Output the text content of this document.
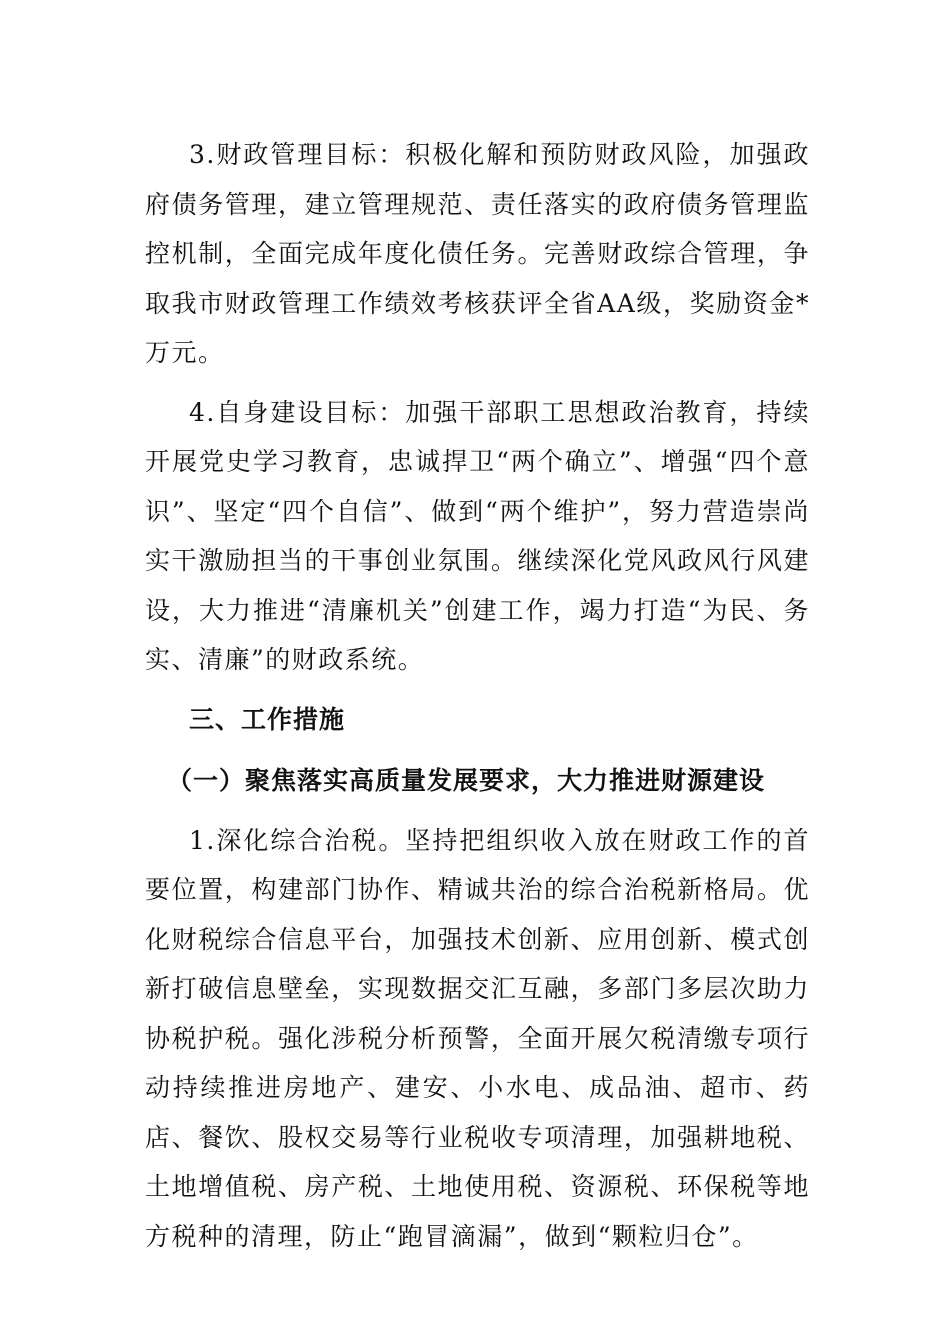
3.财政管理目标：积极化解和预防财政风险，加强政府债务管理，建立管理规范、责任落实的政府债务管理监控机制，全面完成年度化债任务。完善财政综合管理，争取我市财政管理工作绩效考核获评全省AA级，奖励资金*万元。

4.自身建设目标：加强干部职工思想政治教育，持续开展党史学习教育，忠诚捍卫“两个确立”、增强“四个意识”、坚定“四个自信”、做到“两个维护”，努力营造崇尚实干激励担当的干事创业氛围。继续深化党风政风行风建设，大力推进“清廉机关”创建工作，竭力打造“为民、务实、清廉”的财政系统。

三、工作措施
（一）聚焦落实高质量发展要求，大力推进财源建设

1.深化综合治税。坚持把组织收入放在财政工作的首要位置，构建部门协作、精诚共治的综合治税新格局。优化财税综合信息平台，加强技术创新、应用创新、模式创新打破信息壁垒，实现数据交汇互融，多部门多层次助力协税护税。强化涉税分析预警，全面开展欠税清缴专项行动持续推进房地产、建安、小水电、成品油、超市、药店、餐饮、股权交易等行业税收专项清理，加强耕地税、土地增值税、房产税、土地使用税、资源税、环保税等地方税种的清理，防止“跑冒滴漏”，做到“颗粒归仓”。
